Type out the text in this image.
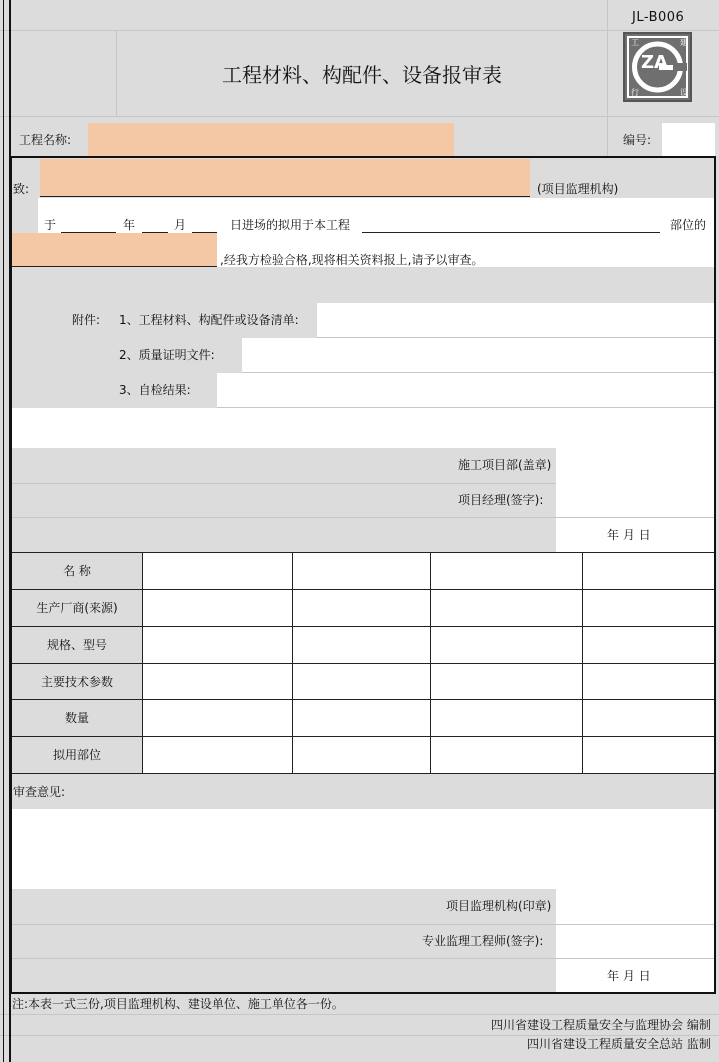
JL-B006
工程材料、构配件、设备报审表
ZA
工	建
行	设
工程名称:	编号:
致:	(项目监理机构)
于	年	月	日进场的拟用于本工程	部位的
,经我方检验合格,现将相关资料报上,请予以审查。
附件: 1、工程材料、构配件或设备清单:
2、质量证明文件:
3、自检结果:
施工项目部(盖章)
项目经理(签字):
年 月 日
名 称
生产厂商(来源)
规格、型号
主要技术参数
数量
拟用部位
审查意见:
项目监理机构(印章)
专业监理工程师(签字):
年 月 日
注:本表一式三份,项目监理机构、建设单位、施工单位各一份。
四川省建设工程质量安全与监理协会 编制
四川省建设工程质量安全总站 监制
